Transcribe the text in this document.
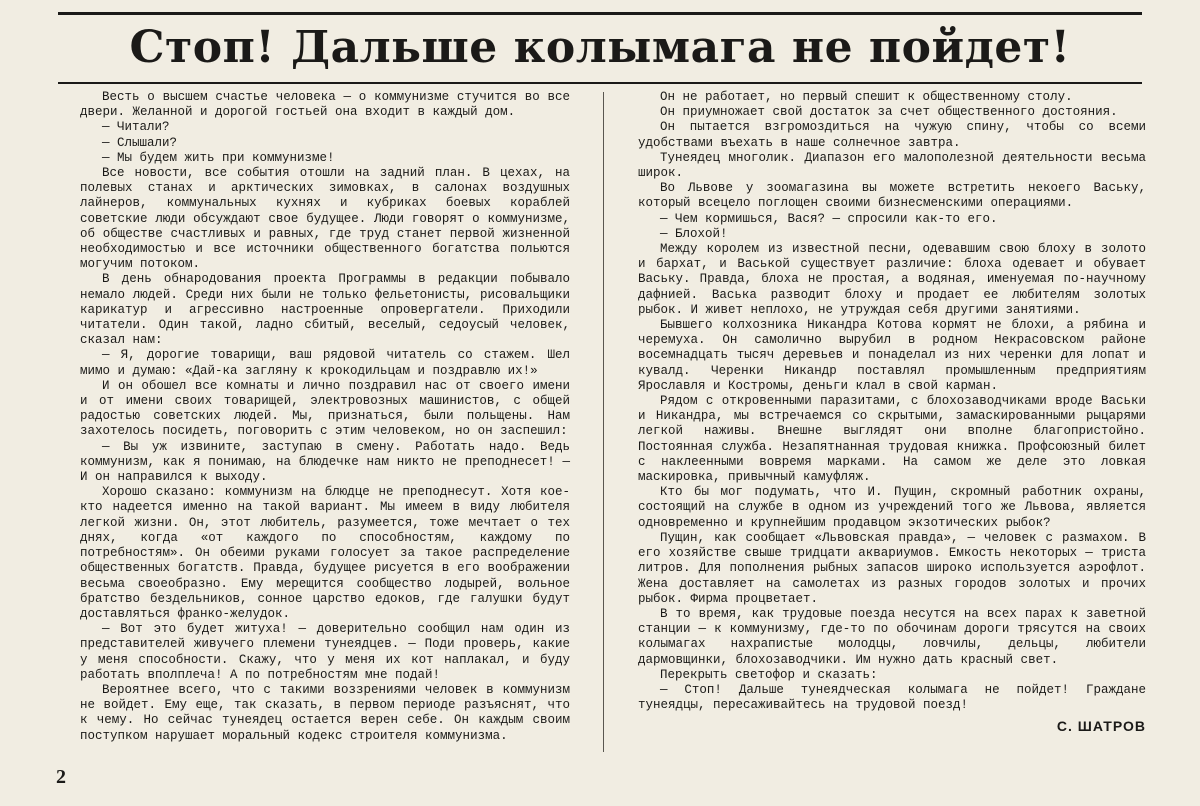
Стоп! Дальше колымага не пойдет!

Весть о высшем счастье человека — о коммунизме стучится во все двери. Желанной и дорогой гостьей она входит в каждый дом.

— Читали?

— Слышали?

— Мы будем жить при коммунизме!

Все новости, все события отошли на задний план. В цехах, на полевых станах и арктических зимовках, в салонах воздушных лайнеров, коммунальных кухнях и кубриках боевых кораблей советские люди обсуждают свое будущее. Люди говорят о коммунизме, об обществе счастливых и равных, где труд станет первой жизненной необходимостью и все источники общественного богатства польются могучим потоком.

В день обнародования проекта Программы в редакции побывало немало людей. Среди них были не только фельетонисты, рисовальщики карикатур и агрессивно настроенные опровергатели. Приходили читатели. Один такой, ладно сбитый, веселый, седоусый человек, сказал нам:

— Я, дорогие товарищи, ваш рядовой читатель со стажем. Шел мимо и думаю: «Дай-ка загляну к крокодильцам и поздравлю их!»

И он обошел все комнаты и лично поздравил нас от своего имени и от имени своих товарищей, электровозных машинистов, с общей радостью советских людей. Мы, признаться, были польщены. Нам захотелось посидеть, поговорить с этим человеком, но он заспешил:

— Вы уж извините, заступаю в смену. Работать надо. Ведь коммунизм, как я понимаю, на блюдечке нам никто не преподнесет! — И он направился к выходу.

Хорошо сказано: коммунизм на блюдце не преподнесут. Хотя кое-кто надеется именно на такой вариант. Мы имеем в виду любителя легкой жизни. Он, этот любитель, разумеется, тоже мечтает о тех днях, когда «от каждого по способностям, каждому по потребностям». Он обеими руками голосует за такое распределение общественных богатств. Правда, будущее рисуется в его воображении весьма своеобразно. Ему мерещится сообщество лодырей, вольное братство бездельников, сонное царство едоков, где галушки будут доставляться франко-желудок.

— Вот это будет житуха! — доверительно сообщил нам один из представителей живучего племени тунеядцев. — Поди проверь, какие у меня способности. Скажу, что у меня их кот наплакал, и буду работать вполплеча! А по потребностям мне подай!

Вероятнее всего, что с такими воззрениями человек в коммунизм не войдет. Ему еще, так сказать, в первом периоде разъяснят, что к чему. Но сейчас тунеядец остается верен себе. Он каждым своим поступком нарушает моральный кодекс строителя коммунизма.

Он не работает, но первый спешит к общественному столу.

Он приумножает свой достаток за счет общественного достояния.

Он пытается взгромоздиться на чужую спину, чтобы со всеми удобствами въехать в наше солнечное завтра.

Тунеядец многолик. Диапазон его малополезной деятельности весьма широк.

Во Львове у зоомагазина вы можете встретить некоего Ваську, который всецело поглощен своими бизнесменскими операциями.

— Чем кормишься, Вася? — спросили как-то его.

— Блохой!

Между королем из известной песни, одевавшим свою блоху в золото и бархат, и Васькой существует различие: блоха одевает и обувает Ваську. Правда, блоха не простая, а водяная, именуемая по-научному дафнией. Васька разводит блоху и продает ее любителям золотых рыбок. И живет неплохо, не утруждая себя другими занятиями.

Бывшего колхозника Никандра Котова кормят не блохи, а рябина и черемуха. Он самолично вырубил в родном Некрасовском районе восемнадцать тысяч деревьев и понаделал из них черенки для лопат и кувалд. Черенки Никандр поставлял промышленным предприятиям Ярославля и Костромы, деньги клал в свой карман.

Рядом с откровенными паразитами, с блохозаводчиками вроде Васьки и Никандра, мы встречаемся со скрытыми, замаскированными рыцарями легкой наживы. Внешне выглядят они вполне благопристойно. Постоянная служба. Незапятнанная трудовая книжка. Профсоюзный билет с наклеенными вовремя марками. На самом же деле это ловкая маскировка, привычный камуфляж.

Кто бы мог подумать, что И. Пущин, скромный работник охраны, состоящий на службе в одном из учреждений того же Львова, является одновременно и крупнейшим продавцом экзотических рыбок?

Пущин, как сообщает «Львовская правда», — человек с размахом. В его хозяйстве свыше тридцати аквариумов. Емкость некоторых — триста литров. Для пополнения рыбных запасов широко используется аэрофлот. Жена доставляет на самолетах из разных городов золотых и прочих рыбок. Фирма процветает.

В то время, как трудовые поезда несутся на всех парах к заветной станции — к коммунизму, где-то по обочинам дороги трясутся на своих колымагах нахрапистые молодцы, ловчилы, дельцы, любители дармовщинки, блохозаводчики. Им нужно дать красный свет.

Перекрыть светофор и сказать:

— Стоп! Дальше тунеядческая колымага не пойдет! Граждане тунеядцы, пересаживайтесь на трудовой поезд!

С. ШАТРОВ

2
